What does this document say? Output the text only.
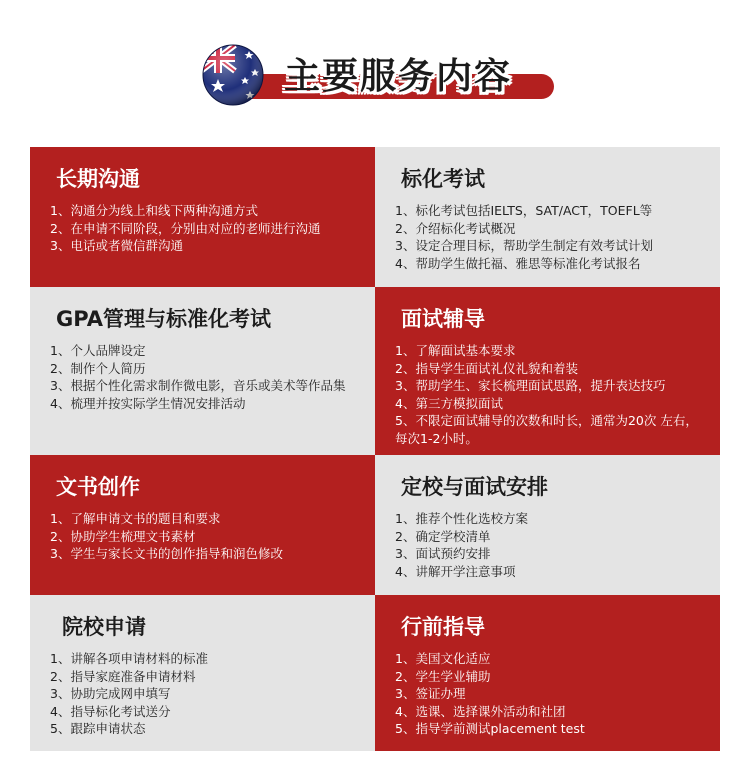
主要服务内容
长期沟通
1、沟通分为线上和线下两种沟通方式
2、在申请不同阶段，分别由对应的老师进行沟通
3、电话或者微信群沟通
标化考试
1、标化考试包括IELTS，SAT/ACT，TOEFL等
2、介绍标化考试概况
3、设定合理目标，帮助学生制定有效考试计划
4、帮助学生做托福、雅思等标准化考试报名
GPA管理与标准化考试
1、个人品牌设定
2、制作个人简历
3、根据个性化需求制作微电影，音乐或美术等作品集
4、梳理并按实际学生情况安排活动
面试辅导
1、了解面试基本要求
2、指导学生面试礼仪礼貌和着装
3、帮助学生、家长梳理面试思路，提升表达技巧
4、第三方模拟面试
5、不限定面试辅导的次数和时长，通常为20次 左右，每次1-2小时。
文书创作
1、了解申请文书的题目和要求
2、协助学生梳理文书素材
3、学生与家长文书的创作指导和润色修改
定校与面试安排
1、推荐个性化选校方案
2、确定学校清单
3、面试预约安排
4、讲解开学注意事项
院校申请
1、讲解各项申请材料的标准
2、指导家庭准备申请材料
3、协助完成网申填写
4、指导标化考试送分
5、跟踪申请状态
行前指导
1、美国文化适应
2、学生学业辅助
3、签证办理
4、选课、选择课外活动和社团
5、指导学前测试placement test
